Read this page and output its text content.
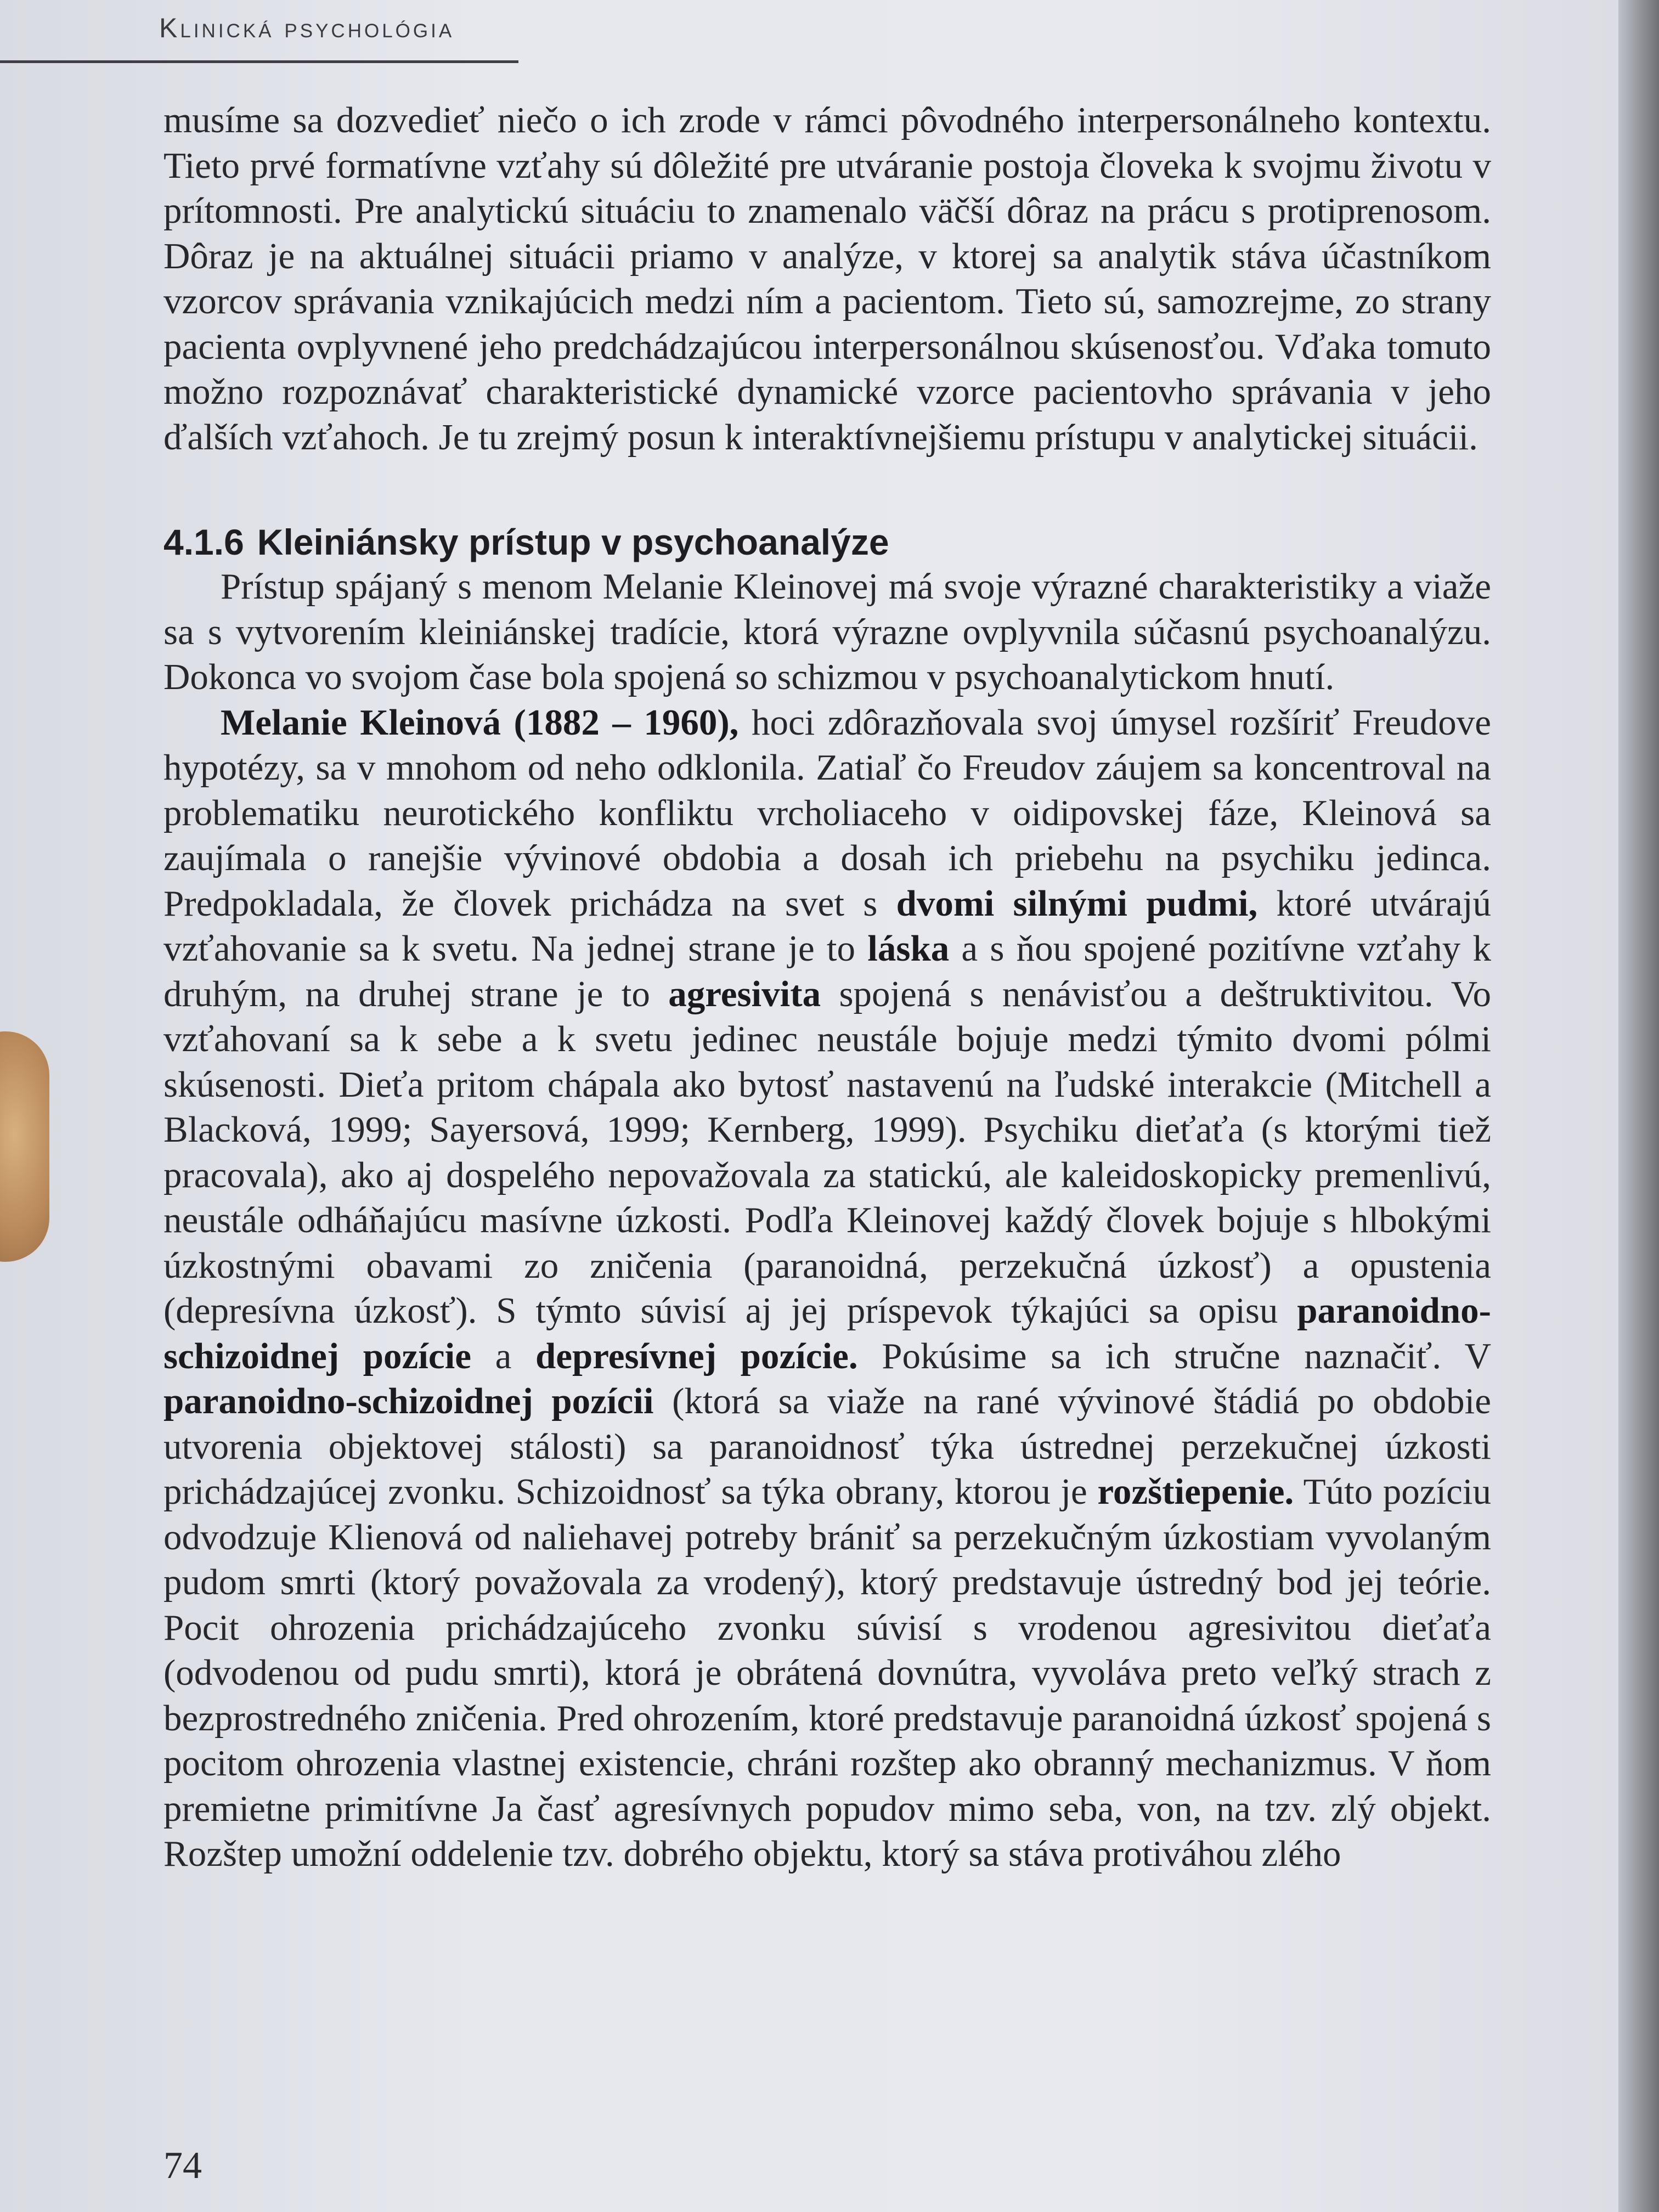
Klinická psychológia

musíme sa dozvedieť niečo o ich zrode v rámci pôvodného interpersonálneho kontextu. Tieto prvé formatívne vzťahy sú dôležité pre utváranie postoja človeka k svojmu životu v prítomnosti. Pre analytickú situáciu to znamenalo väčší dôraz na prácu s protiprenosom. Dôraz je na aktuálnej situácii priamo v analýze, v ktorej sa analytik stáva účastníkom vzorcov správania vznikajúcich medzi ním a pacientom. Tieto sú, samozrejme, zo strany pacienta ovplyvnené jeho predchádzajúcou interpersonálnou skúsenosťou. Vďaka tomuto možno rozpoznávať charakteristické dynamické vzorce pacientovho správania v jeho ďalších vzťahoch. Je tu zrejmý posun k interaktívnejšiemu prístupu v analytickej situácii.

4.1.6 Kleiniánsky prístup v psychoanalýze

Prístup spájaný s menom Melanie Kleinovej má svoje výrazné charakteristiky a viaže sa s vytvorením kleiniánskej tradície, ktorá výrazne ovplyvnila súčasnú psychoanalýzu. Dokonca vo svojom čase bola spojená so schizmou v psychoanalytickom hnutí.

Melanie Kleinová (1882 – 1960), hoci zdôrazňovala svoj úmysel rozšíriť Freudove hypotézy, sa v mnohom od neho odklonila. Zatiaľ čo Freudov záujem sa koncentroval na problematiku neurotického konfliktu vrcholiaceho v oidipovskej fáze, Kleinová sa zaujímala o ranejšie vývinové obdobia a dosah ich priebehu na psychiku jedinca. Predpokladala, že človek prichádza na svet s dvomi silnými pudmi, ktoré utvárajú vzťahovanie sa k svetu. Na jednej strane je to láska a s ňou spojené pozitívne vzťahy k druhým, na druhej strane je to agresivita spojená s nenávisťou a deštruktivitou. Vo vzťahovaní sa k sebe a k svetu jedinec neustále bojuje medzi týmito dvomi pólmi skúsenosti. Dieťa pritom chápala ako bytosť nastavenú na ľudské interakcie (Mitchell a Blacková, 1999; Sayersová, 1999; Kernberg, 1999). Psychiku dieťaťa (s ktorými tiež pracovala), ako aj dospelého nepovažovala za statickú, ale kaleidoskopicky premenlivú, neustále odháňajúcu masívne úzkosti. Podľa Kleinovej každý človek bojuje s hlbokými úzkostnými obavami zo zničenia (paranoidná, perzekučná úzkosť) a opustenia (depresívna úzkosť). S týmto súvisí aj jej príspevok týkajúci sa opisu paranoidno-schizoidnej pozície a depresívnej pozície. Pokúsime sa ich stručne naznačiť. V paranoidno-schizoidnej pozícii (ktorá sa viaže na rané vývinové štádiá po obdobie utvorenia objektovej stálosti) sa paranoidnosť týka ústrednej perzekučnej úzkosti prichádzajúcej zvonku. Schizoidnosť sa týka obrany, ktorou je rozštiepenie. Túto pozíciu odvodzuje Klienová od naliehavej potreby brániť sa perzekučným úzkostiam vyvolaným pudom smrti (ktorý považovala za vrodený), ktorý predstavuje ústredný bod jej teórie. Pocit ohrozenia prichádzajúceho zvonku súvisí s vrodenou agresivitou dieťaťa (odvodenou od pudu smrti), ktorá je obrátená dovnútra, vyvoláva preto veľký strach z bezprostredného zničenia. Pred ohrozením, ktoré predstavuje paranoidná úzkosť spojená s pocitom ohrozenia vlastnej existencie, chráni rozštep ako obranný mechanizmus. V ňom premietne primitívne Ja časť agresívnych popudov mimo seba, von, na tzv. zlý objekt. Rozštep umožní oddelenie tzv. dobrého objektu, ktorý sa stáva protiváhou zlého

74
